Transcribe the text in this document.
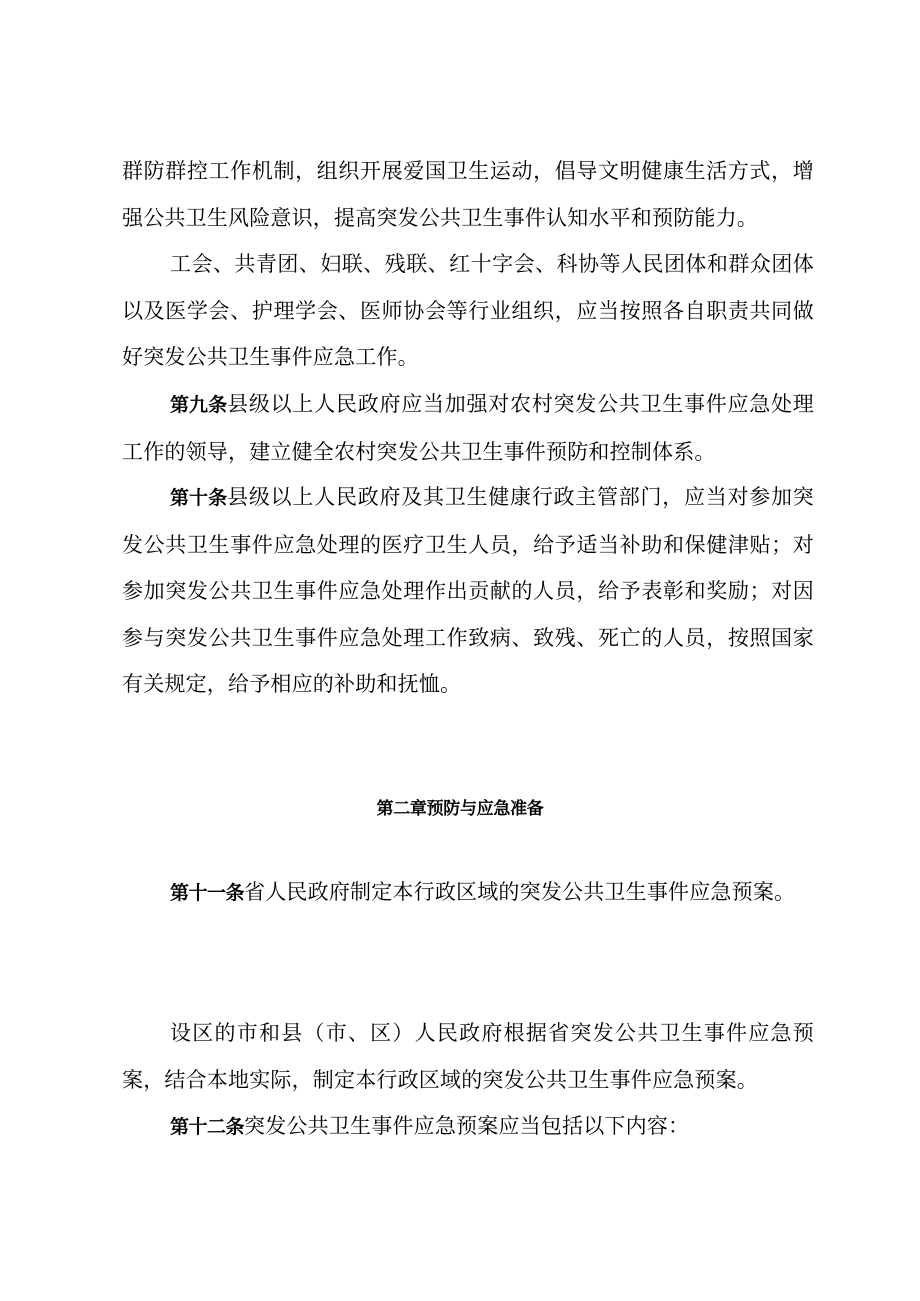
群防群控工作机制，组织开展爱国卫生运动，倡导文明健康生活方式，增强公共卫生风险意识，提高突发公共卫生事件认知水平和预防能力。

工会、共青团、妇联、残联、红十字会、科协等人民团体和群众团体以及医学会、护理学会、医师协会等行业组织，应当按照各自职责共同做好突发公共卫生事件应急工作。

第九条县级以上人民政府应当加强对农村突发公共卫生事件应急处理工作的领导，建立健全农村突发公共卫生事件预防和控制体系。

第十条县级以上人民政府及其卫生健康行政主管部门，应当对参加突发公共卫生事件应急处理的医疗卫生人员，给予适当补助和保健津贴；对参加突发公共卫生事件应急处理作出贡献的人员，给予表彰和奖励；对因参与突发公共卫生事件应急处理工作致病、致残、死亡的人员，按照国家有关规定，给予相应的补助和抚恤。

第二章预防与应急准备

第十一条省人民政府制定本行政区域的突发公共卫生事件应急预案。

设区的市和县（市、区）人民政府根据省突发公共卫生事件应急预案，结合本地实际，制定本行政区域的突发公共卫生事件应急预案。

第十二条突发公共卫生事件应急预案应当包括以下内容：
